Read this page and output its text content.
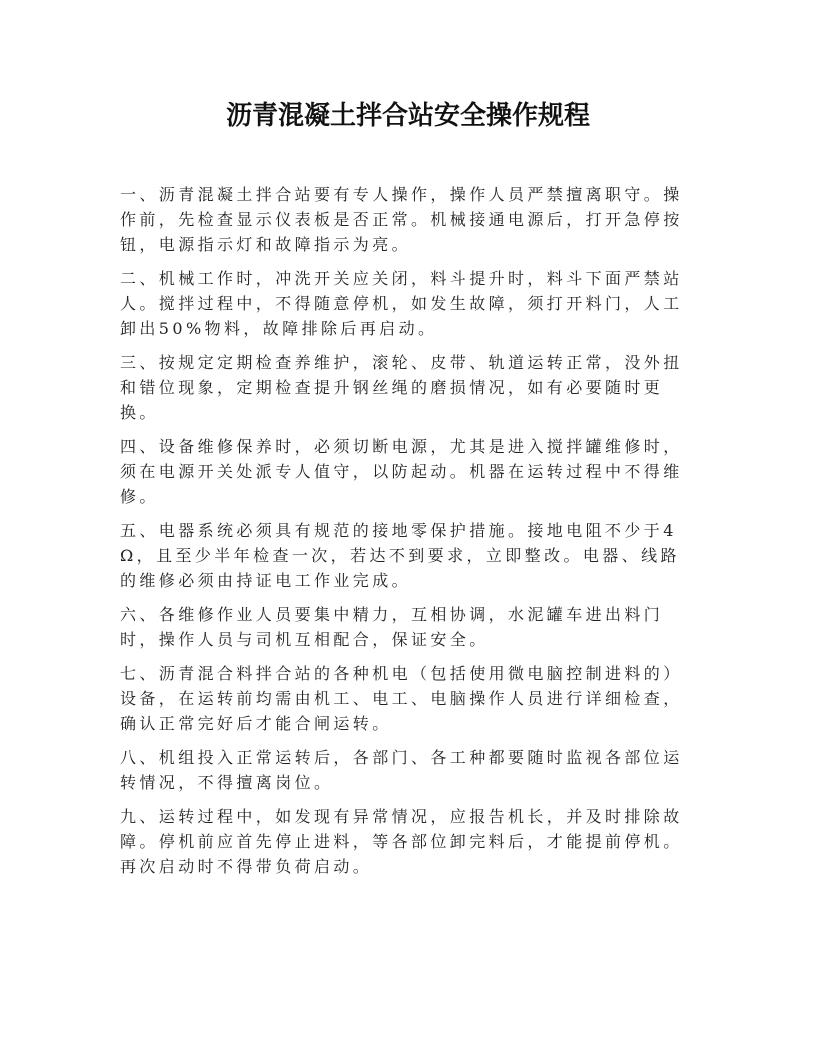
沥青混凝土拌合站安全操作规程

一、沥青混凝土拌合站要有专人操作，操作人员严禁擅离职守。操作前，先检查显示仪表板是否正常。机械接通电源后，打开急停按钮，电源指示灯和故障指示为亮。

二、机械工作时，冲洗开关应关闭，料斗提升时，料斗下面严禁站人。搅拌过程中，不得随意停机，如发生故障，须打开料门，人工卸出50%物料，故障排除后再启动。

三、按规定定期检查养维护，滚轮、皮带、轨道运转正常，没外扭和错位现象，定期检查提升钢丝绳的磨损情况，如有必要随时更换。

四、设备维修保养时，必须切断电源，尤其是进入搅拌罐维修时，须在电源开关处派专人值守，以防起动。机器在运转过程中不得维修。

五、电器系统必须具有规范的接地零保护措施。接地电阻不少于4Ω，且至少半年检查一次，若达不到要求，立即整改。电器、线路的维修必须由持证电工作业完成。

六、各维修作业人员要集中精力，互相协调，水泥罐车进出料门时，操作人员与司机互相配合，保证安全。

七、沥青混合料拌合站的各种机电（包括使用微电脑控制进料的）设备，在运转前均需由机工、电工、电脑操作人员进行详细检查，确认正常完好后才能合闸运转。

八、机组投入正常运转后，各部门、各工种都要随时监视各部位运转情况，不得擅离岗位。

九、运转过程中，如发现有异常情况，应报告机长，并及时排除故障。停机前应首先停止进料，等各部位卸完料后，才能提前停机。再次启动时不得带负荷启动。
